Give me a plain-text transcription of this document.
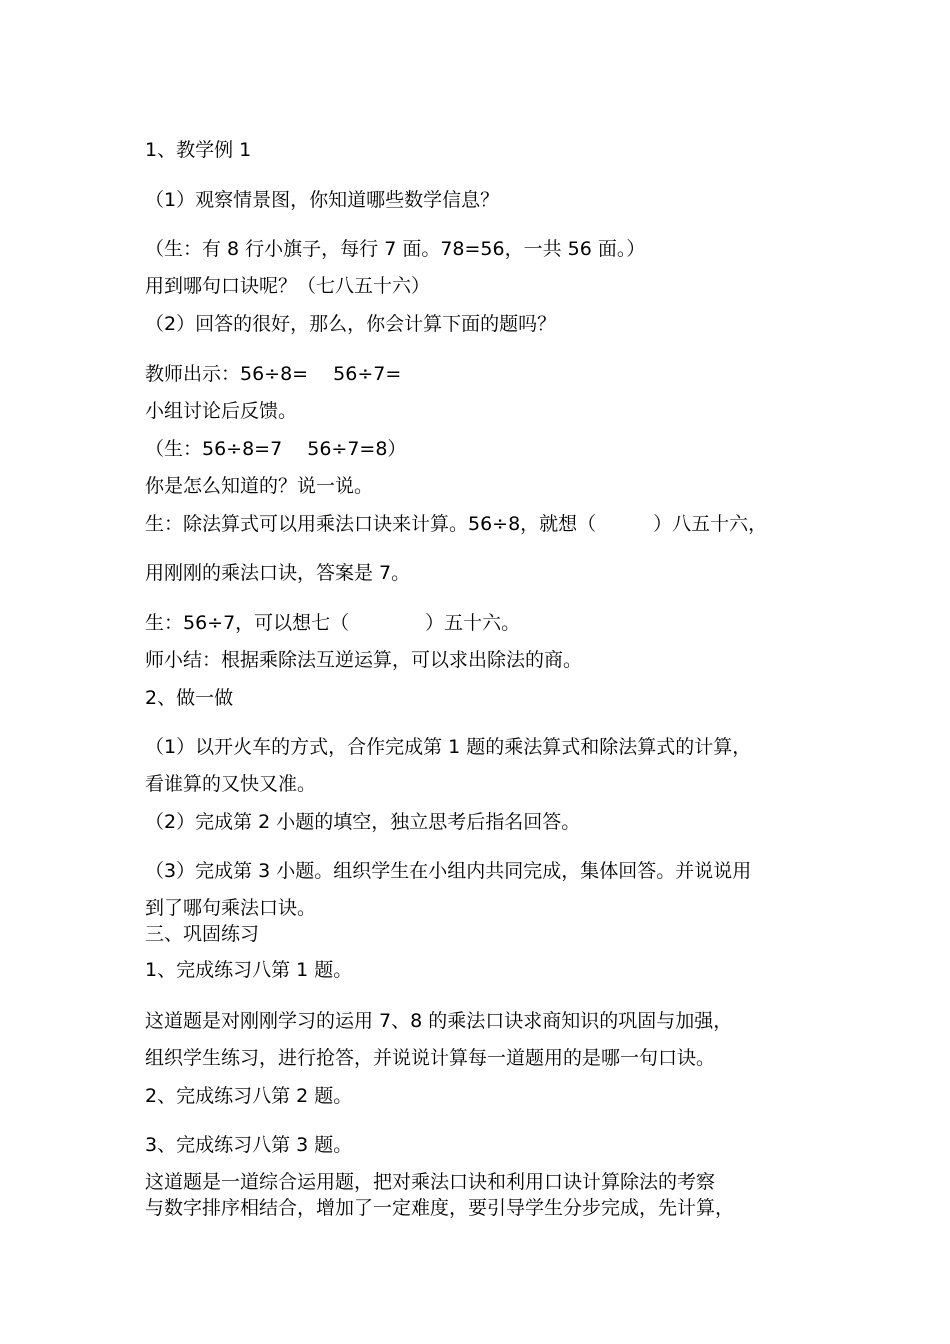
1、教学例 1
（1）观察情景图，你知道哪些数学信息？
（生：有 8 行小旗子，每行 7 面。78=56，一共 56 面。）
用到哪句口诀呢？（七八五十六）
（2）回答的很好，那么，你会计算下面的题吗？
教师出示：56÷8=　 56÷7=
小组讨论后反馈。
（生：56÷8=7　 56÷7=8）
你是怎么知道的？说一说。
生：除法算式可以用乘法口诀来计算。56÷8，就想（　　　）八五十六，
用刚刚的乘法口诀，答案是 7。
生：56÷7，可以想七（　　　　）五十六。
师小结：根据乘除法互逆运算，可以求出除法的商。
2、做一做
（1）以开火车的方式，合作完成第 1 题的乘法算式和除法算式的计算，
看谁算的又快又准。
（2）完成第 2 小题的填空，独立思考后指名回答。
（3）完成第 3 小题。组织学生在小组内共同完成，集体回答。并说说用
到了哪句乘法口诀。
三、巩固练习
1、完成练习八第 1 题。
这道题是对刚刚学习的运用 7、8 的乘法口诀求商知识的巩固与加强，
组织学生练习，进行抢答，并说说计算每一道题用的是哪一句口诀。
2、完成练习八第 2 题。
3、完成练习八第 3 题。
这道题是一道综合运用题，把对乘法口诀和利用口诀计算除法的考察
与数字排序相结合，增加了一定难度，要引导学生分步完成，先计算，
